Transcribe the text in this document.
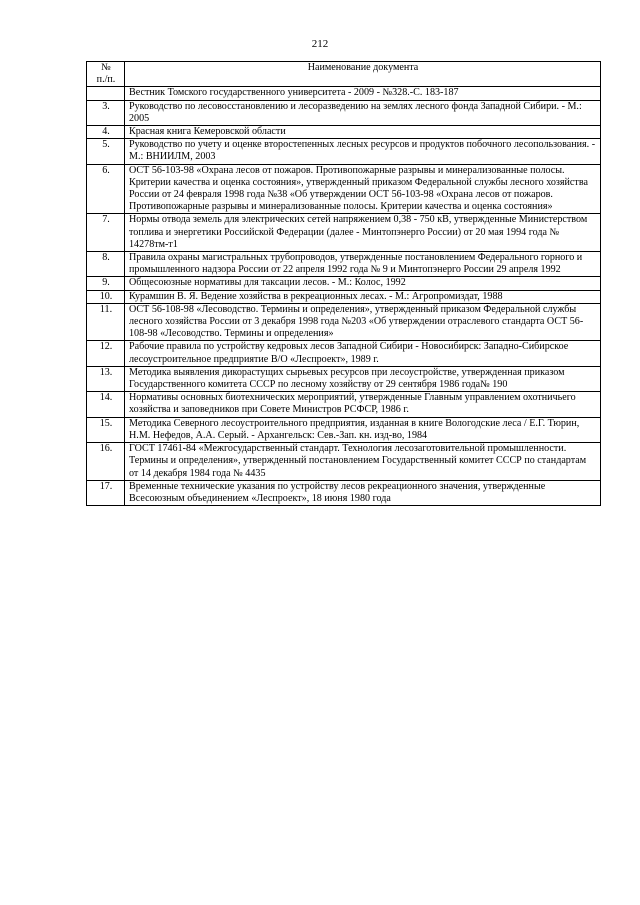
212
№
п./п.	Наименование документа
	Вестник Томского государственного университета - 2009 - №328.-С. 183-187
3.	Руководство по лесовосстановлению и лесоразведению на землях лесного фонда Западной Сибири. - М.: 2005
4.	Красная книга Кемеровской области
5.	Руководство по учету и оценке второстепенных лесных ресурсов и продуктов побочного лесопользования. - М.: ВНИИЛМ, 2003
6.	ОСТ 56-103-98 «Охрана лесов от пожаров. Противопожарные разрывы и минерализованные полосы. Критерии качества и оценка состояния», утвержденный приказом Федеральной службы лесного хозяйства России от 24 февраля 1998 года №38 «Об утверждении ОСТ 56-103-98 «Охрана лесов от пожаров. Противопожарные разрывы и минерализованные полосы. Критерии качества и оценка состояния»
7.	Нормы отвода земель для электрических сетей напряжением 0,38 - 750 кВ, утвержденные Министерством топлива и энергетики Российской Федерации (далее - Минтопэнерго России) от 20 мая 1994 года № 14278тм-т1
8.	Правила охраны магистральных трубопроводов, утвержденные постановлением Федерального горного и промышленного надзора России от 22 апреля 1992 года № 9 и Минтопэнерго России 29 апреля 1992
9.	Общесоюзные нормативы для таксации лесов. - М.: Колос, 1992
10.	Курамшин В. Я. Ведение хозяйства в рекреационных лесах. - М.: Агропромиздат, 1988
11.	ОСТ 56-108-98 «Лесоводство. Термины и определения», утвержденный приказом Федеральной службы лесного хозяйства России от 3 декабря 1998 года №203 «Об утверждении отраслевого стандарта ОСТ 56-108-98 «Лесоводство. Термины и определения»
12.	Рабочие правила по устройству кедровых лесов Западной Сибири - Новосибирск: Западно-Сибирское лесоустроительное предприятие В/О «Леспроект», 1989 г.
13.	Методика выявления дикорастущих сырьевых ресурсов при лесоустройстве, утвержденная приказом Государственного комитета СССР по лесному хозяйству от 29 сентября 1986 года№ 190
14.	Нормативы основных биотехнических мероприятий, утвержденные Главным управлением охотничьего хозяйства и заповедников при Совете Министров РСФСР, 1986 г.
15.	Методика Северного лесоустроительного предприятия, изданная в книге Вологодские леса / Е.Г. Тюрин, Н.М. Нефедов, А.А. Серый. - Архангельск: Сев.-Зап. кн. изд-во, 1984
16.	ГОСТ 17461-84 «Межгосударственный стандарт. Технология лесозаготовительной промышленности. Термины и определения», утвержденный постановлением Государственный комитет СССР по стандартам от 14 декабря 1984 года № 4435
17.	Временные технические указания по устройству лесов рекреационного значения, утвержденные Всесоюзным объединением «Леспроект», 18 июня 1980 года
